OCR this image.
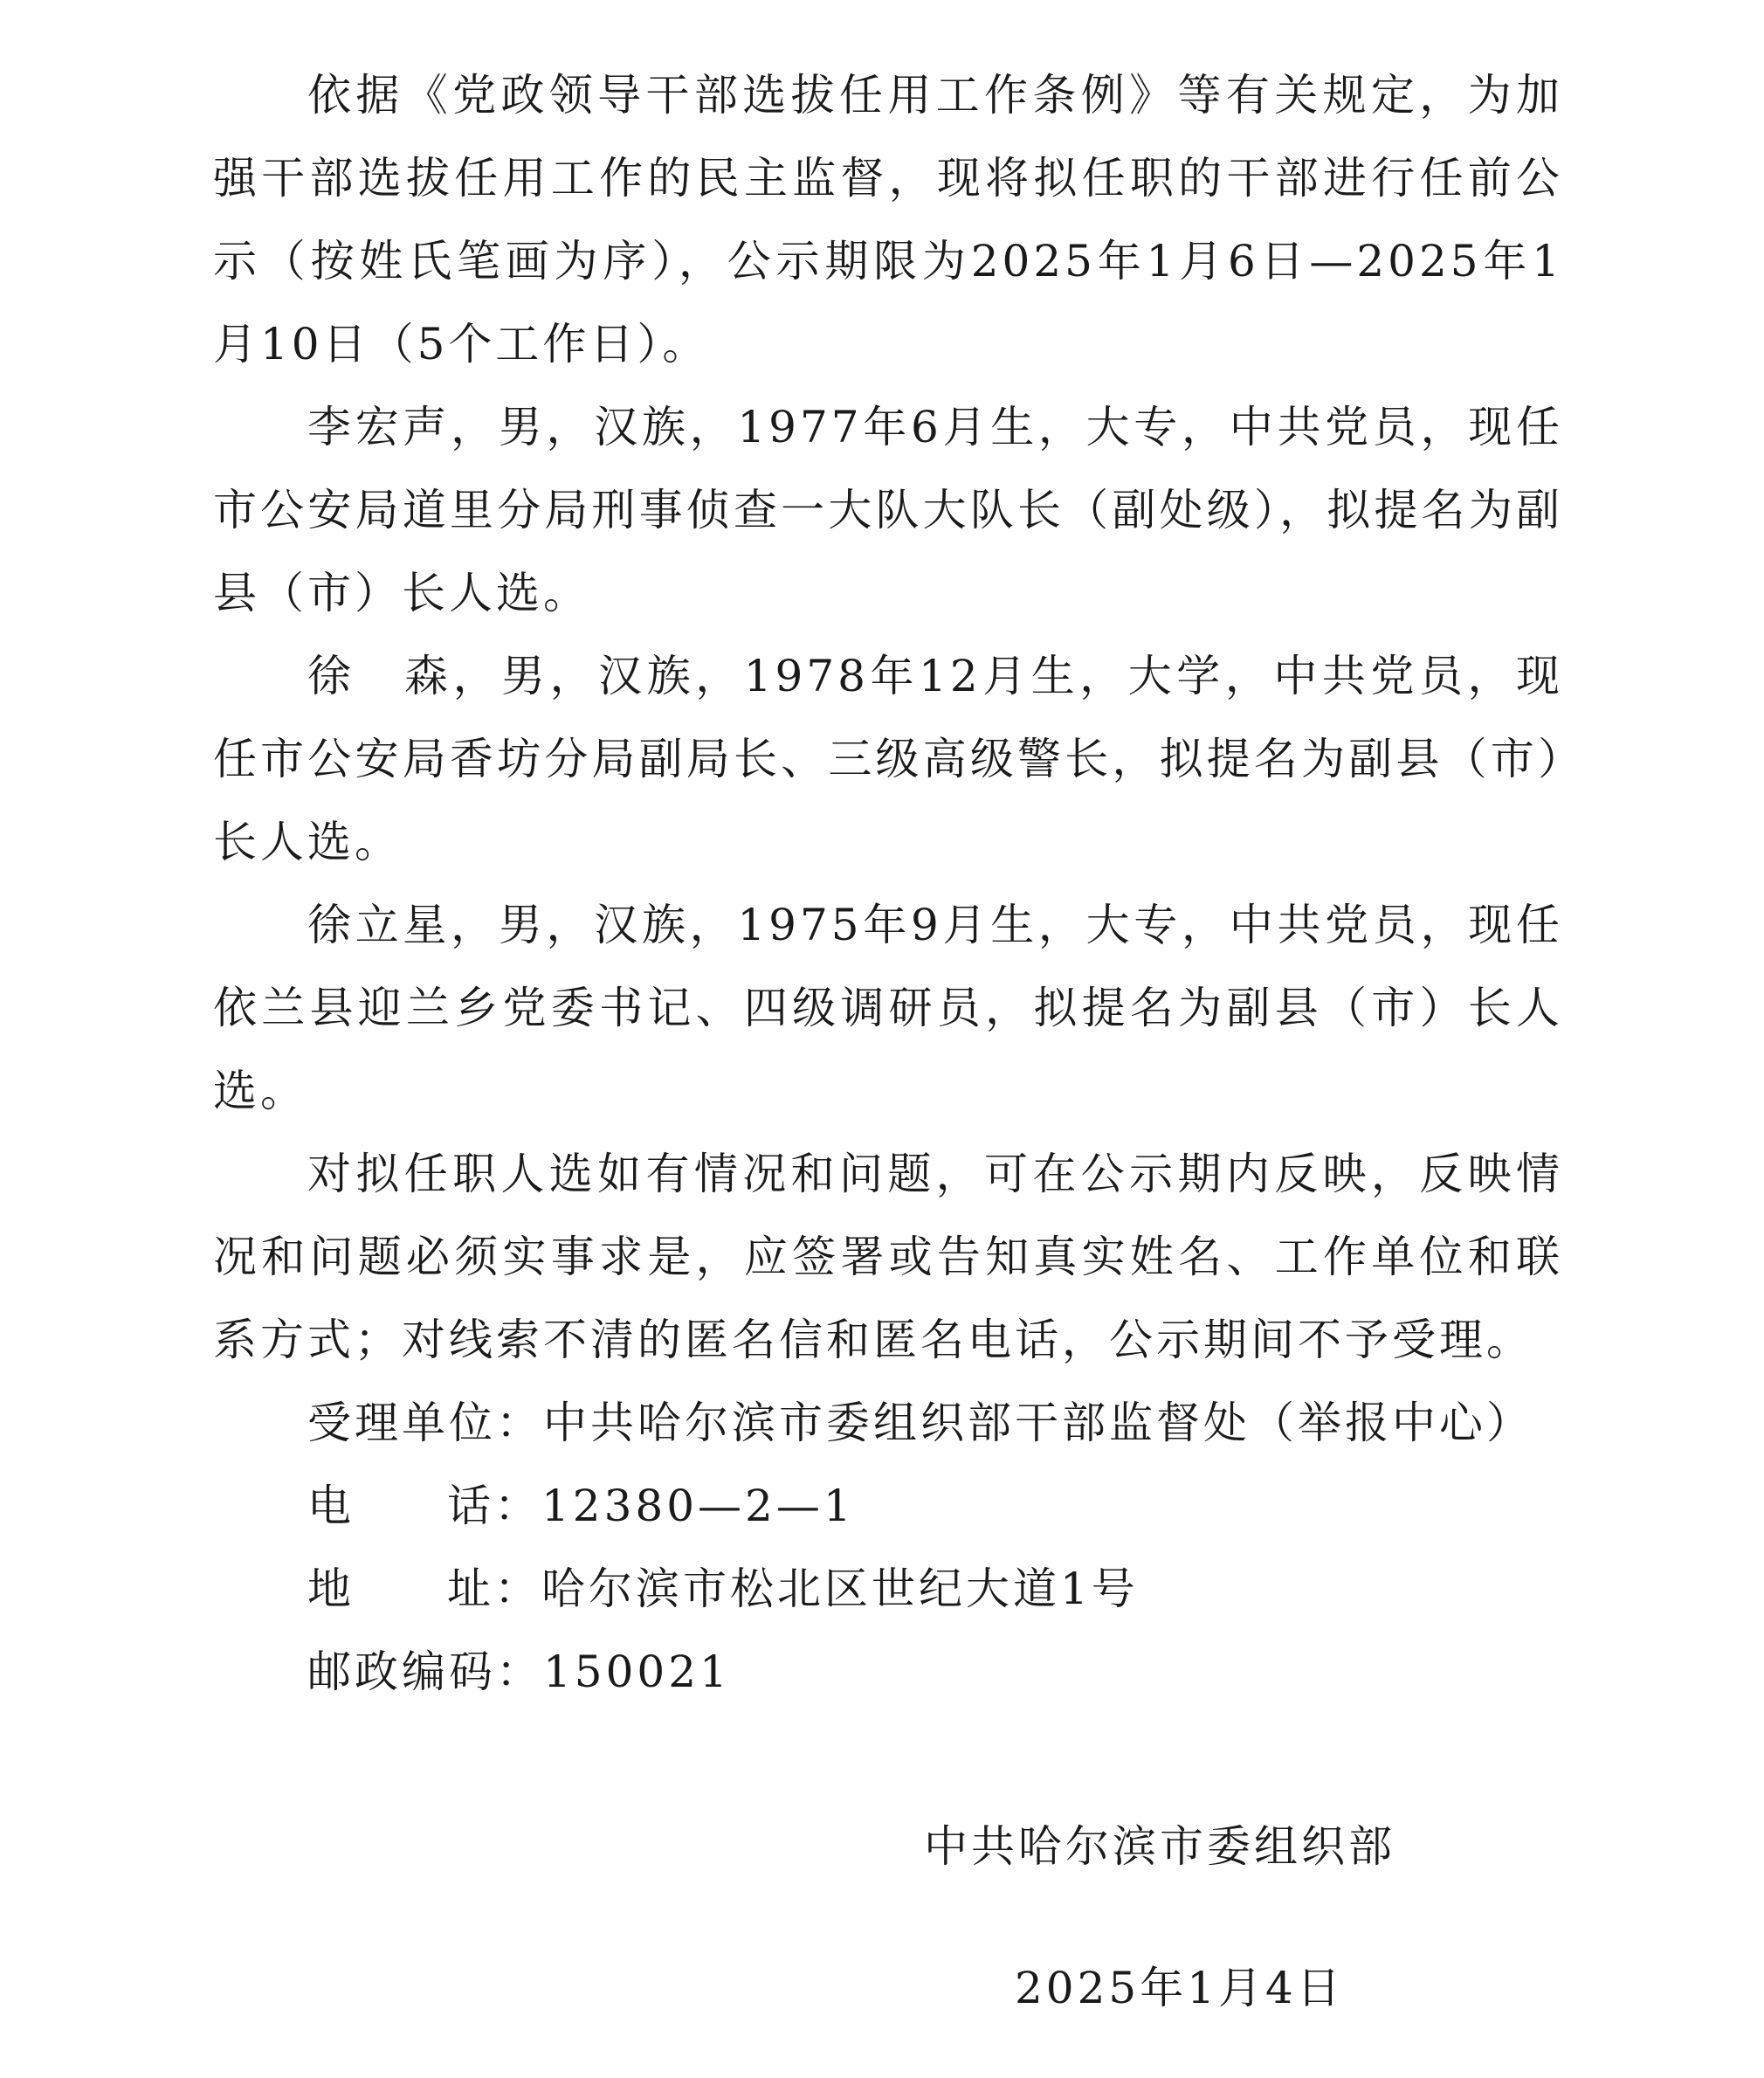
依据《党政领导干部选拔任用工作条例》等有关规定，为加强干部选拔任用工作的民主监督，现将拟任职的干部进行任前公示（按姓氏笔画为序），公示期限为2025年1月6日—2025年1月10日（5个工作日）。

李宏声，男，汉族，1977年6月生，大专，中共党员，现任市公安局道里分局刑事侦查一大队大队长（副处级），拟提名为副县（市）长人选。

徐　森，男，汉族，1978年12月生，大学，中共党员，现任市公安局香坊分局副局长、三级高级警长，拟提名为副县（市）长人选。

徐立星，男，汉族，1975年9月生，大专，中共党员，现任依兰县迎兰乡党委书记、四级调研员，拟提名为副县（市）长人选。

对拟任职人选如有情况和问题，可在公示期内反映，反映情况和问题必须实事求是，应签署或告知真实姓名、工作单位和联系方式；对线索不清的匿名信和匿名电话，公示期间不予受理。

受理单位：中共哈尔滨市委组织部干部监督处（举报中心）

电 话： 12380—2—1

地 址： 哈尔滨市松北区世纪大道1号

邮政编码：150021

中共哈尔滨市委组织部
2025年1月4日
